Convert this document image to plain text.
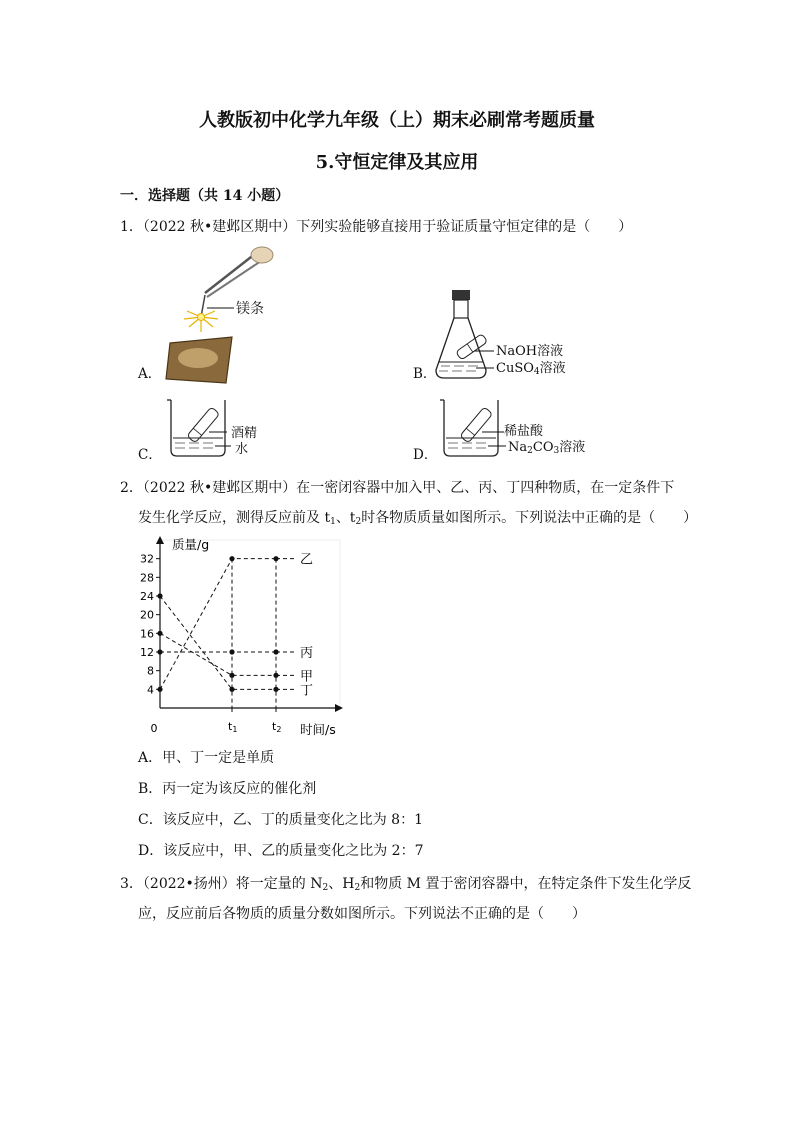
人教版初中化学九年级（上）期末必刷常考题质量
5.守恒定律及其应用
一．选择题（共 14 小题）
1．（2022 秋•建邺区期中）下列实验能够直接用于验证质量守恒定律的是（　　）
镁条
A．
NaOH溶液
CuSO$_4$溶液
B．
酒精
水
C．
稀盐酸
$Na_2CO_3$溶液
D．
2．（2022 秋•建邺区期中）在一密闭容器中加入甲、乙、丙、丁四种物质，在一定条件下
发生化学反应，测得反应前及 $t_1$、$t_2$时各物质质量如图所示。下列说法中正确的是（　　）
质量/g
时间/s
0
4
8
12
16
20
24
28
32
t1	t2
乙
丙
甲
丁
A．甲、丁一定是单质
B．丙一定为该反应的催化剂
C．该反应中，乙、丁的质量变化之比为 8：1
D．该反应中，甲、乙的质量变化之比为 2：7
3．（2022•扬州）将一定量的 $N_2$、$H_2$和物质 M 置于密闭容器中，在特定条件下发生化学反
应，反应前后各物质的质量分数如图所示。下列说法不正确的是（　　）
